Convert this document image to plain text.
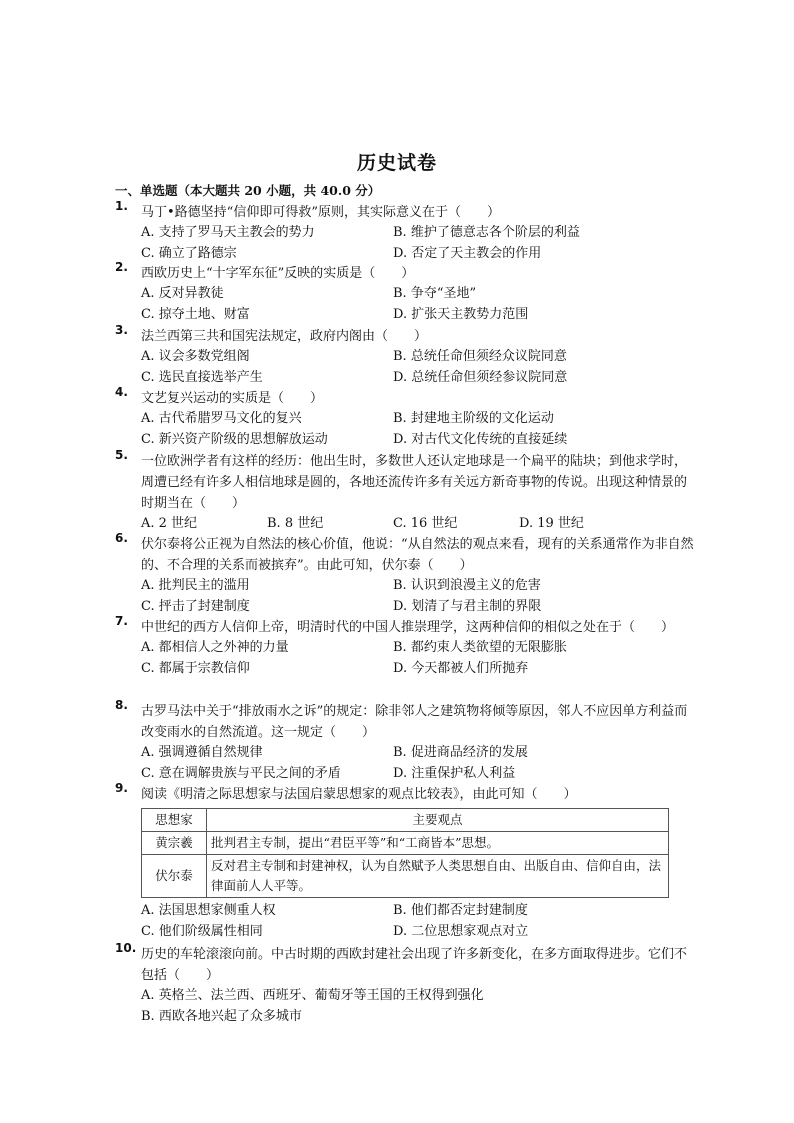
历史试卷
一、单选题（本大题共 20 小题，共 40.0 分）
1. 马丁•路德坚持“信仰即可得救”原则，其实际意义在于（　　）
A. 支持了罗马天主教会的势力	B. 维护了德意志各个阶层的利益
C. 确立了路德宗	D. 否定了天主教会的作用
2. 西欧历史上“十字军东征”反映的实质是（　　）
A. 反对异教徒	B. 争夺“圣地”
C. 掠夺土地、财富	D. 扩张天主教势力范围
3. 法兰西第三共和国宪法规定，政府内阁由（　　）
A. 议会多数党组阁	B. 总统任命但须经众议院同意
C. 选民直接选举产生	D. 总统任命但须经参议院同意
4. 文艺复兴运动的实质是（　　）
A. 古代希腊罗马文化的复兴	B. 封建地主阶级的文化运动
C. 新兴资产阶级的思想解放运动	D. 对古代文化传统的直接延续
5. 一位欧洲学者有这样的经历：他出生时，多数世人还认定地球是一个扁平的陆块；到他求学时，周遭已经有许多人相信地球是圆的，各地还流传许多有关远方新奇事物的传说。出现这种情景的时期当在（　　）
A. 2 世纪	B. 8 世纪	C. 16 世纪	D. 19 世纪
6. 伏尔泰将公正视为自然法的核心价值，他说：“从自然法的观点来看，现有的关系通常作为非自然的、不合理的关系而被摈弃”。由此可知，伏尔泰（　　）
A. 批判民主的滥用	B. 认识到浪漫主义的危害
C. 抨击了封建制度	D. 划清了与君主制的界限
7. 中世纪的西方人信仰上帝，明清时代的中国人推崇理学，这两种信仰的相似之处在于（　　）
A. 都相信人之外神的力量	B. 都约束人类欲望的无限膨胀
C. 都属于宗教信仰	D. 今天都被人们所抛弃
8. 古罗马法中关于“排放雨水之诉”的规定：除非邻人之建筑物将倾等原因，邻人不应因单方利益而改变雨水的自然流道。这一规定（　　）
A. 强调遵循自然规律	B. 促进商品经济的发展
C. 意在调解贵族与平民之间的矛盾	D. 注重保护私人利益
9. 阅读《明清之际思想家与法国启蒙思想家的观点比较表》，由此可知（　　）
思想家	主要观点
黄宗羲	批判君主专制，提出“君臣平等”和“工商皆本”思想。
伏尔泰	反对君主专制和封建神权，认为自然赋予人类思想自由、出版自由、信仰自由，法律面前人人平等。
A. 法国思想家侧重人权	B. 他们都否定封建制度
C. 他们阶级属性相同	D. 二位思想家观点对立
10. 历史的车轮滚滚向前。中古时期的西欧封建社会出现了许多新变化，在多方面取得进步。它们不包括（　　）
A. 英格兰、法兰西、西班牙、葡萄牙等王国的王权得到强化
B. 西欧各地兴起了众多城市
